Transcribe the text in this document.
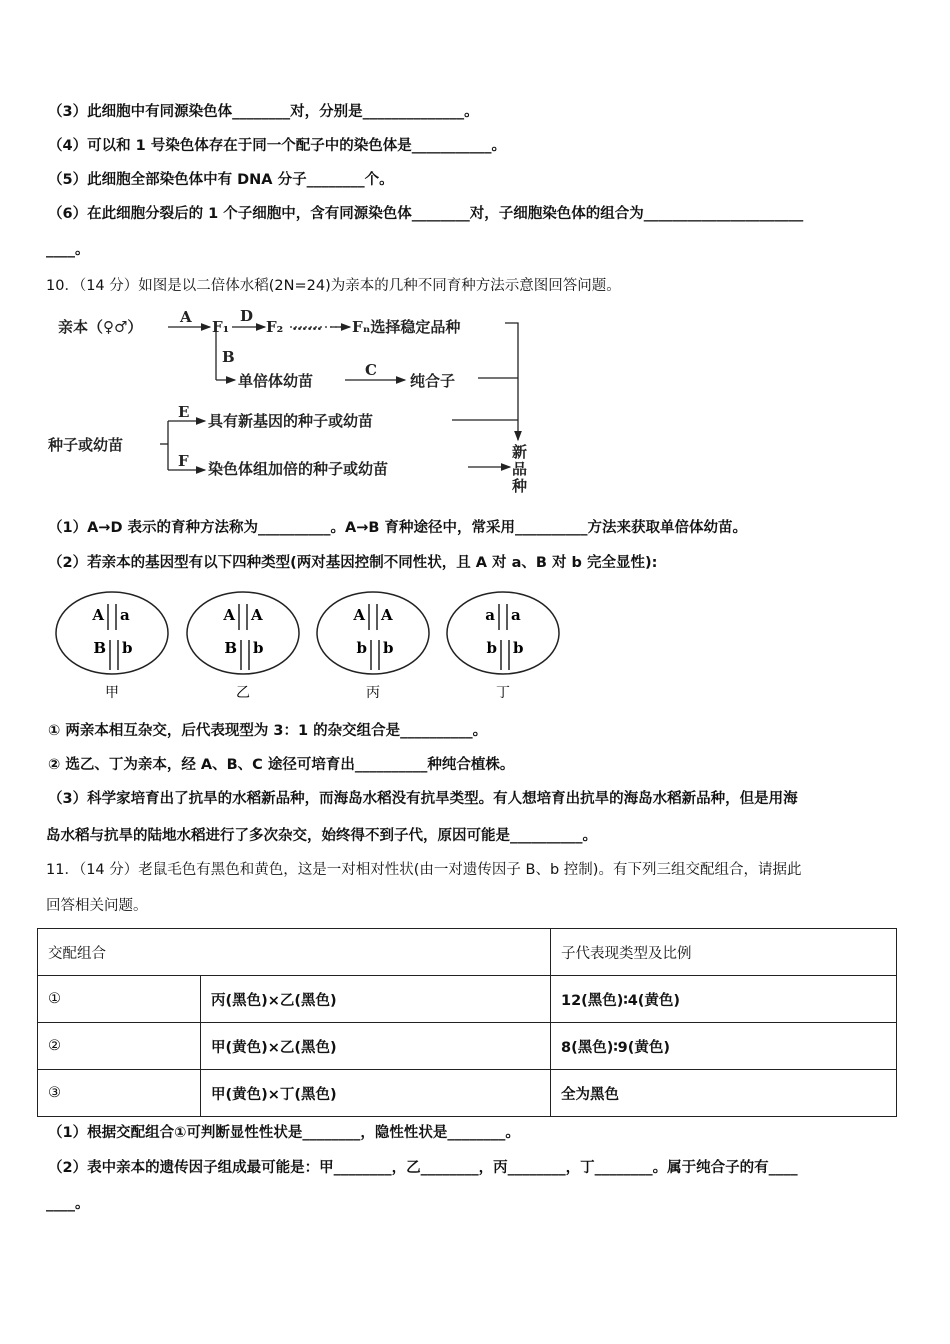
（3）此细胞中有同源染色体________对，分别是______________。
（4）可以和 1 号染色体存在于同一个配子中的染色体是___________。
（5）此细胞全部染色体中有 DNA 分子________个。
（6）在此细胞分裂后的 1 个子细胞中，含有同源染色体________对，子细胞染色体的组合为______________________
____。
10．（14 分）如图是以二倍体水稻(2N=24)为亲本的几种不同育种方法示意图回答问题。
亲本（♀♂）
A
F₁
D
F₂ …… Fₙ选择稳定品种
B
单倍体幼苗
C
纯合子
种子或幼苗
E 具有新基因的种子或幼苗
F 染色体组加倍的种子或幼苗
新
品
种
（1）A→D 表示的育种方法称为__________。A→B 育种途径中，常采用__________方法来获取单倍体幼苗。
（2）若亲本的基因型有以下四种类型(两对基因控制不同性状，且 A 对 a、B 对 b 完全显性):
A a
B b
甲
A A
B b
乙
A A
b b
丙
a a
b b
丁
① 两亲本相互杂交，后代表现型为 3：1 的杂交组合是__________。
② 选乙、丁为亲本，经 A、B、C 途径可培育出__________种纯合植株。
（3）科学家培育出了抗旱的水稻新品种，而海岛水稻没有抗旱类型。有人想培育出抗旱的海岛水稻新品种，但是用海
岛水稻与抗旱的陆地水稻进行了多次杂交，始终得不到子代，原因可能是__________。
11．（14 分）老鼠毛色有黑色和黄色，这是一对相对性状(由一对遗传因子 B、b 控制)。有下列三组交配组合，请据此
回答相关问题。
交配组合		子代表现类型及比例
①	丙(黑色)×乙(黑色)	12(黑色)∶4(黄色)
②	甲(黄色)×乙(黑色)	8(黑色)∶9(黄色)
③	甲(黄色)×丁(黑色)	全为黑色
（1）根据交配组合①可判断显性性状是________，隐性性状是________。
（2）表中亲本的遗传因子组成最可能是：甲________，乙________，丙________，丁________。属于纯合子的有____
____。
